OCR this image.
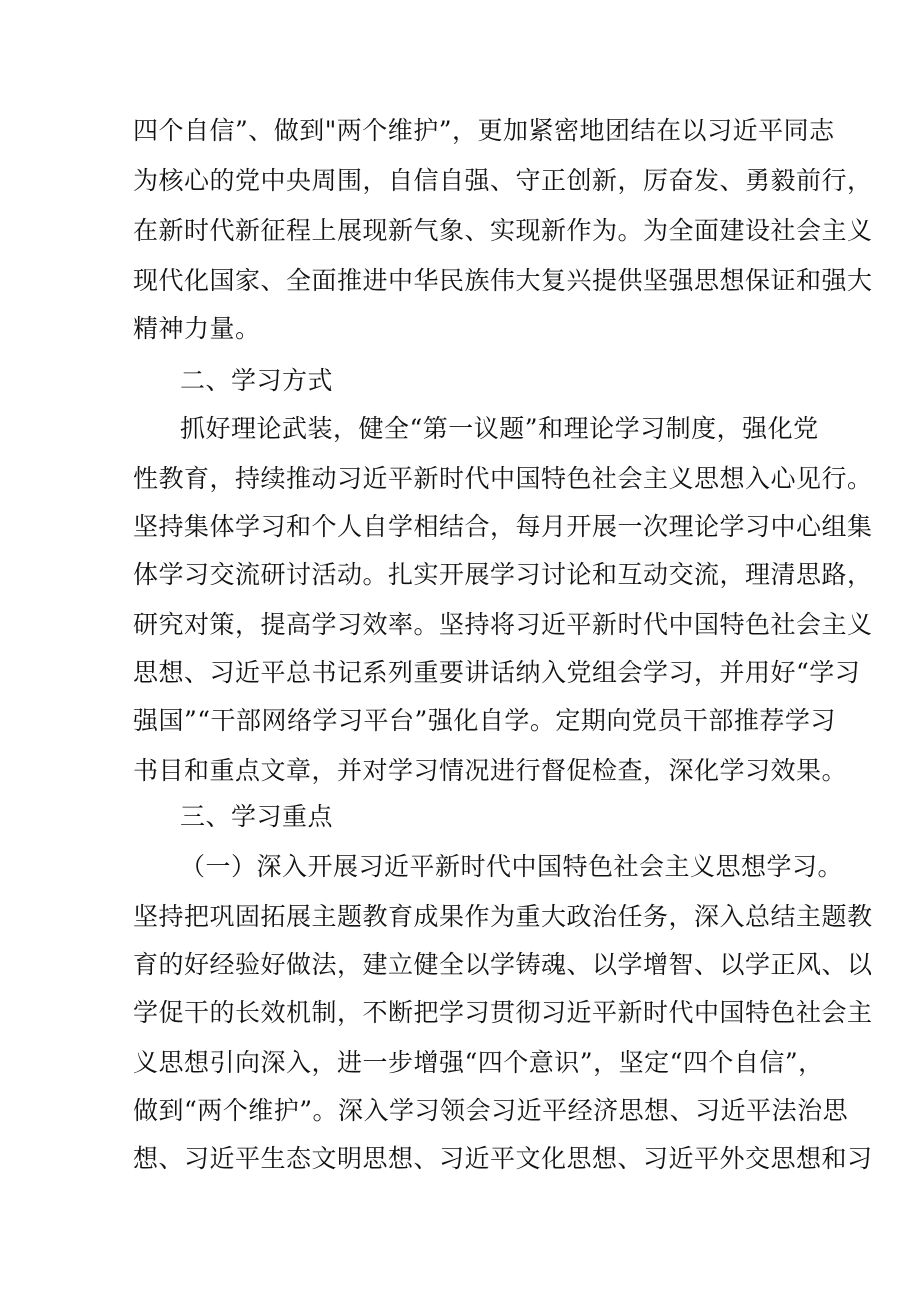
四个自信”、做到"两个维护”，更加紧密地团结在以习近平同志
为核心的党中央周围，自信自强、守正创新，厉奋发、勇毅前行，
在新时代新征程上展现新气象、实现新作为。为全面建设社会主义
现代化国家、全面推进中华民族伟大复兴提供坚强思想保证和强大
精神力量。
二、学习方式
抓好理论武装，健全“第一议题”和理论学习制度，强化党
性教育，持续推动习近平新时代中国特色社会主义思想入心见行。
坚持集体学习和个人自学相结合，每月开展一次理论学习中心组集
体学习交流研讨活动。扎实开展学习讨论和互动交流，理清思路，
研究对策，提高学习效率。坚持将习近平新时代中国特色社会主义
思想、习近平总书记系列重要讲话纳入党组会学习，并用好“学习
强国”“干部网络学习平台”强化自学。定期向党员干部推荐学习
书目和重点文章，并对学习情况进行督促检查，深化学习效果。
三、学习重点
（一）深入开展习近平新时代中国特色社会主义思想学习。
坚持把巩固拓展主题教育成果作为重大政治任务，深入总结主题教
育的好经验好做法，建立健全以学铸魂、以学增智、以学正风、以
学促干的长效机制，不断把学习贯彻习近平新时代中国特色社会主
义思想引向深入，进一步增强“四个意识”，坚定“四个自信”，
做到“两个维护”。深入学习领会习近平经济思想、习近平法治思
想、习近平生态文明思想、习近平文化思想、习近平外交思想和习
